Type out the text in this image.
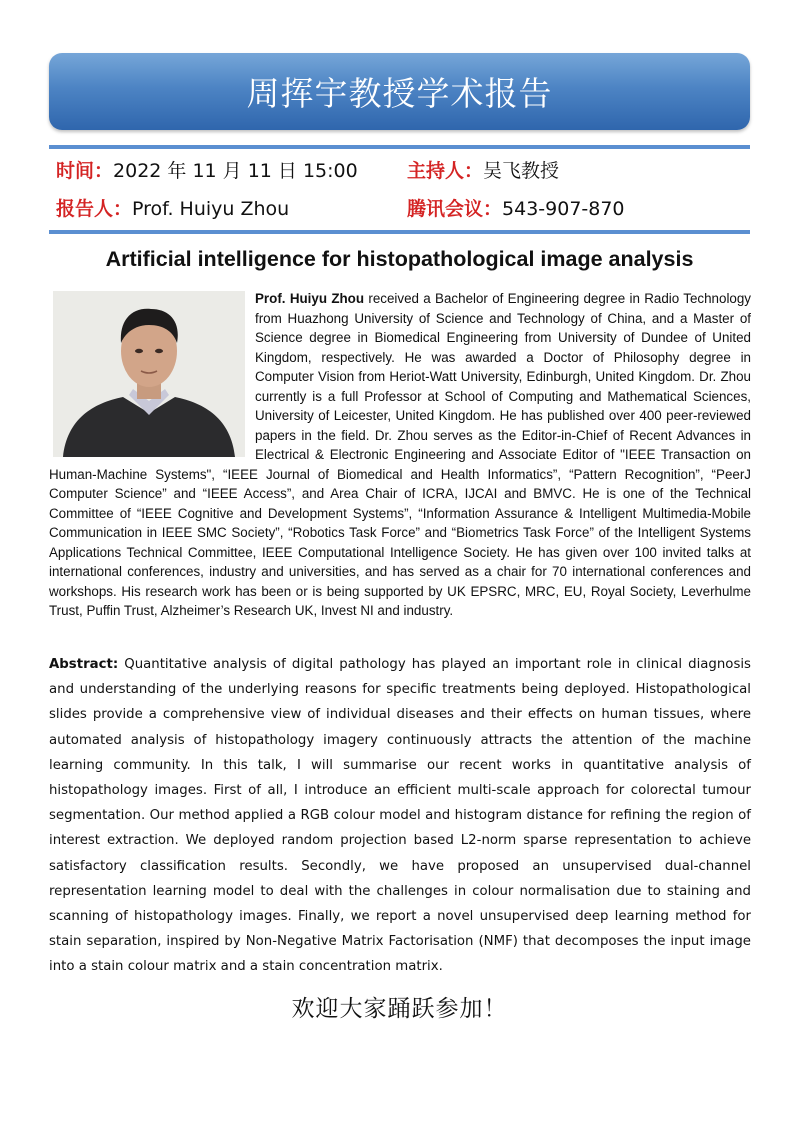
周挥宇教授学术报告
时间：2022 年 11 月 11 日 15:00	主持人：吴飞教授
报告人：Prof. Huiyu Zhou	腾讯会议：543-907-870
Artificial intelligence for histopathological image analysis
Prof. Huiyu Zhou received a Bachelor of Engineering degree in Radio Technology from Huazhong University of Science and Technology of China, and a Master of Science degree in Biomedical Engineering from University of Dundee of United Kingdom, respectively. He was awarded a Doctor of Philosophy degree in Computer Vision from Heriot-Watt University, Edinburgh, United Kingdom. Dr. Zhou currently is a full Professor at School of Computing and Mathematical Sciences, University of Leicester, United Kingdom. He has published over 400 peer-reviewed papers in the field. Dr. Zhou serves as the Editor-in-Chief of Recent Advances in Electrical & Electronic Engineering and Associate Editor of "IEEE Transaction on Human-Machine Systems", “IEEE Journal of Biomedical and Health Informatics”, “Pattern Recognition”, “PeerJ Computer Science” and “IEEE Access”, and Area Chair of ICRA, IJCAI and BMVC. He is one of the Technical Committee of “IEEE Cognitive and Development Systems”, “Information Assurance & Intelligent Multimedia-Mobile Communication in IEEE SMC Society”, “Robotics Task Force” and “Biometrics Task Force” of the Intelligent Systems Applications Technical Committee, IEEE Computational Intelligence Society. He has given over 100 invited talks at international conferences, industry and universities, and has served as a chair for 70 international conferences and workshops. His research work has been or is being supported by UK EPSRC, MRC, EU, Royal Society, Leverhulme Trust, Puffin Trust, Alzheimer’s Research UK, Invest NI and industry.
Abstract: Quantitative analysis of digital pathology has played an important role in clinical diagnosis and understanding of the underlying reasons for specific treatments being deployed. Histopathological slides provide a comprehensive view of individual diseases and their effects on human tissues, where automated analysis of histopathology imagery continuously attracts the attention of the machine learning community. In this talk, I will summarise our recent works in quantitative analysis of histopathology images. First of all, I introduce an efficient multi-scale approach for colorectal tumour segmentation. Our method applied a RGB colour model and histogram distance for refining the region of interest extraction. We deployed random projection based L2-norm sparse representation to achieve satisfactory classification results. Secondly, we have proposed an unsupervised dual-channel representation learning model to deal with the challenges in colour normalisation due to staining and scanning of histopathology images. Finally, we report a novel unsupervised deep learning method for stain separation, inspired by Non-Negative Matrix Factorisation (NMF) that decomposes the input image into a stain colour matrix and a stain concentration matrix.
欢迎大家踊跃参加！
